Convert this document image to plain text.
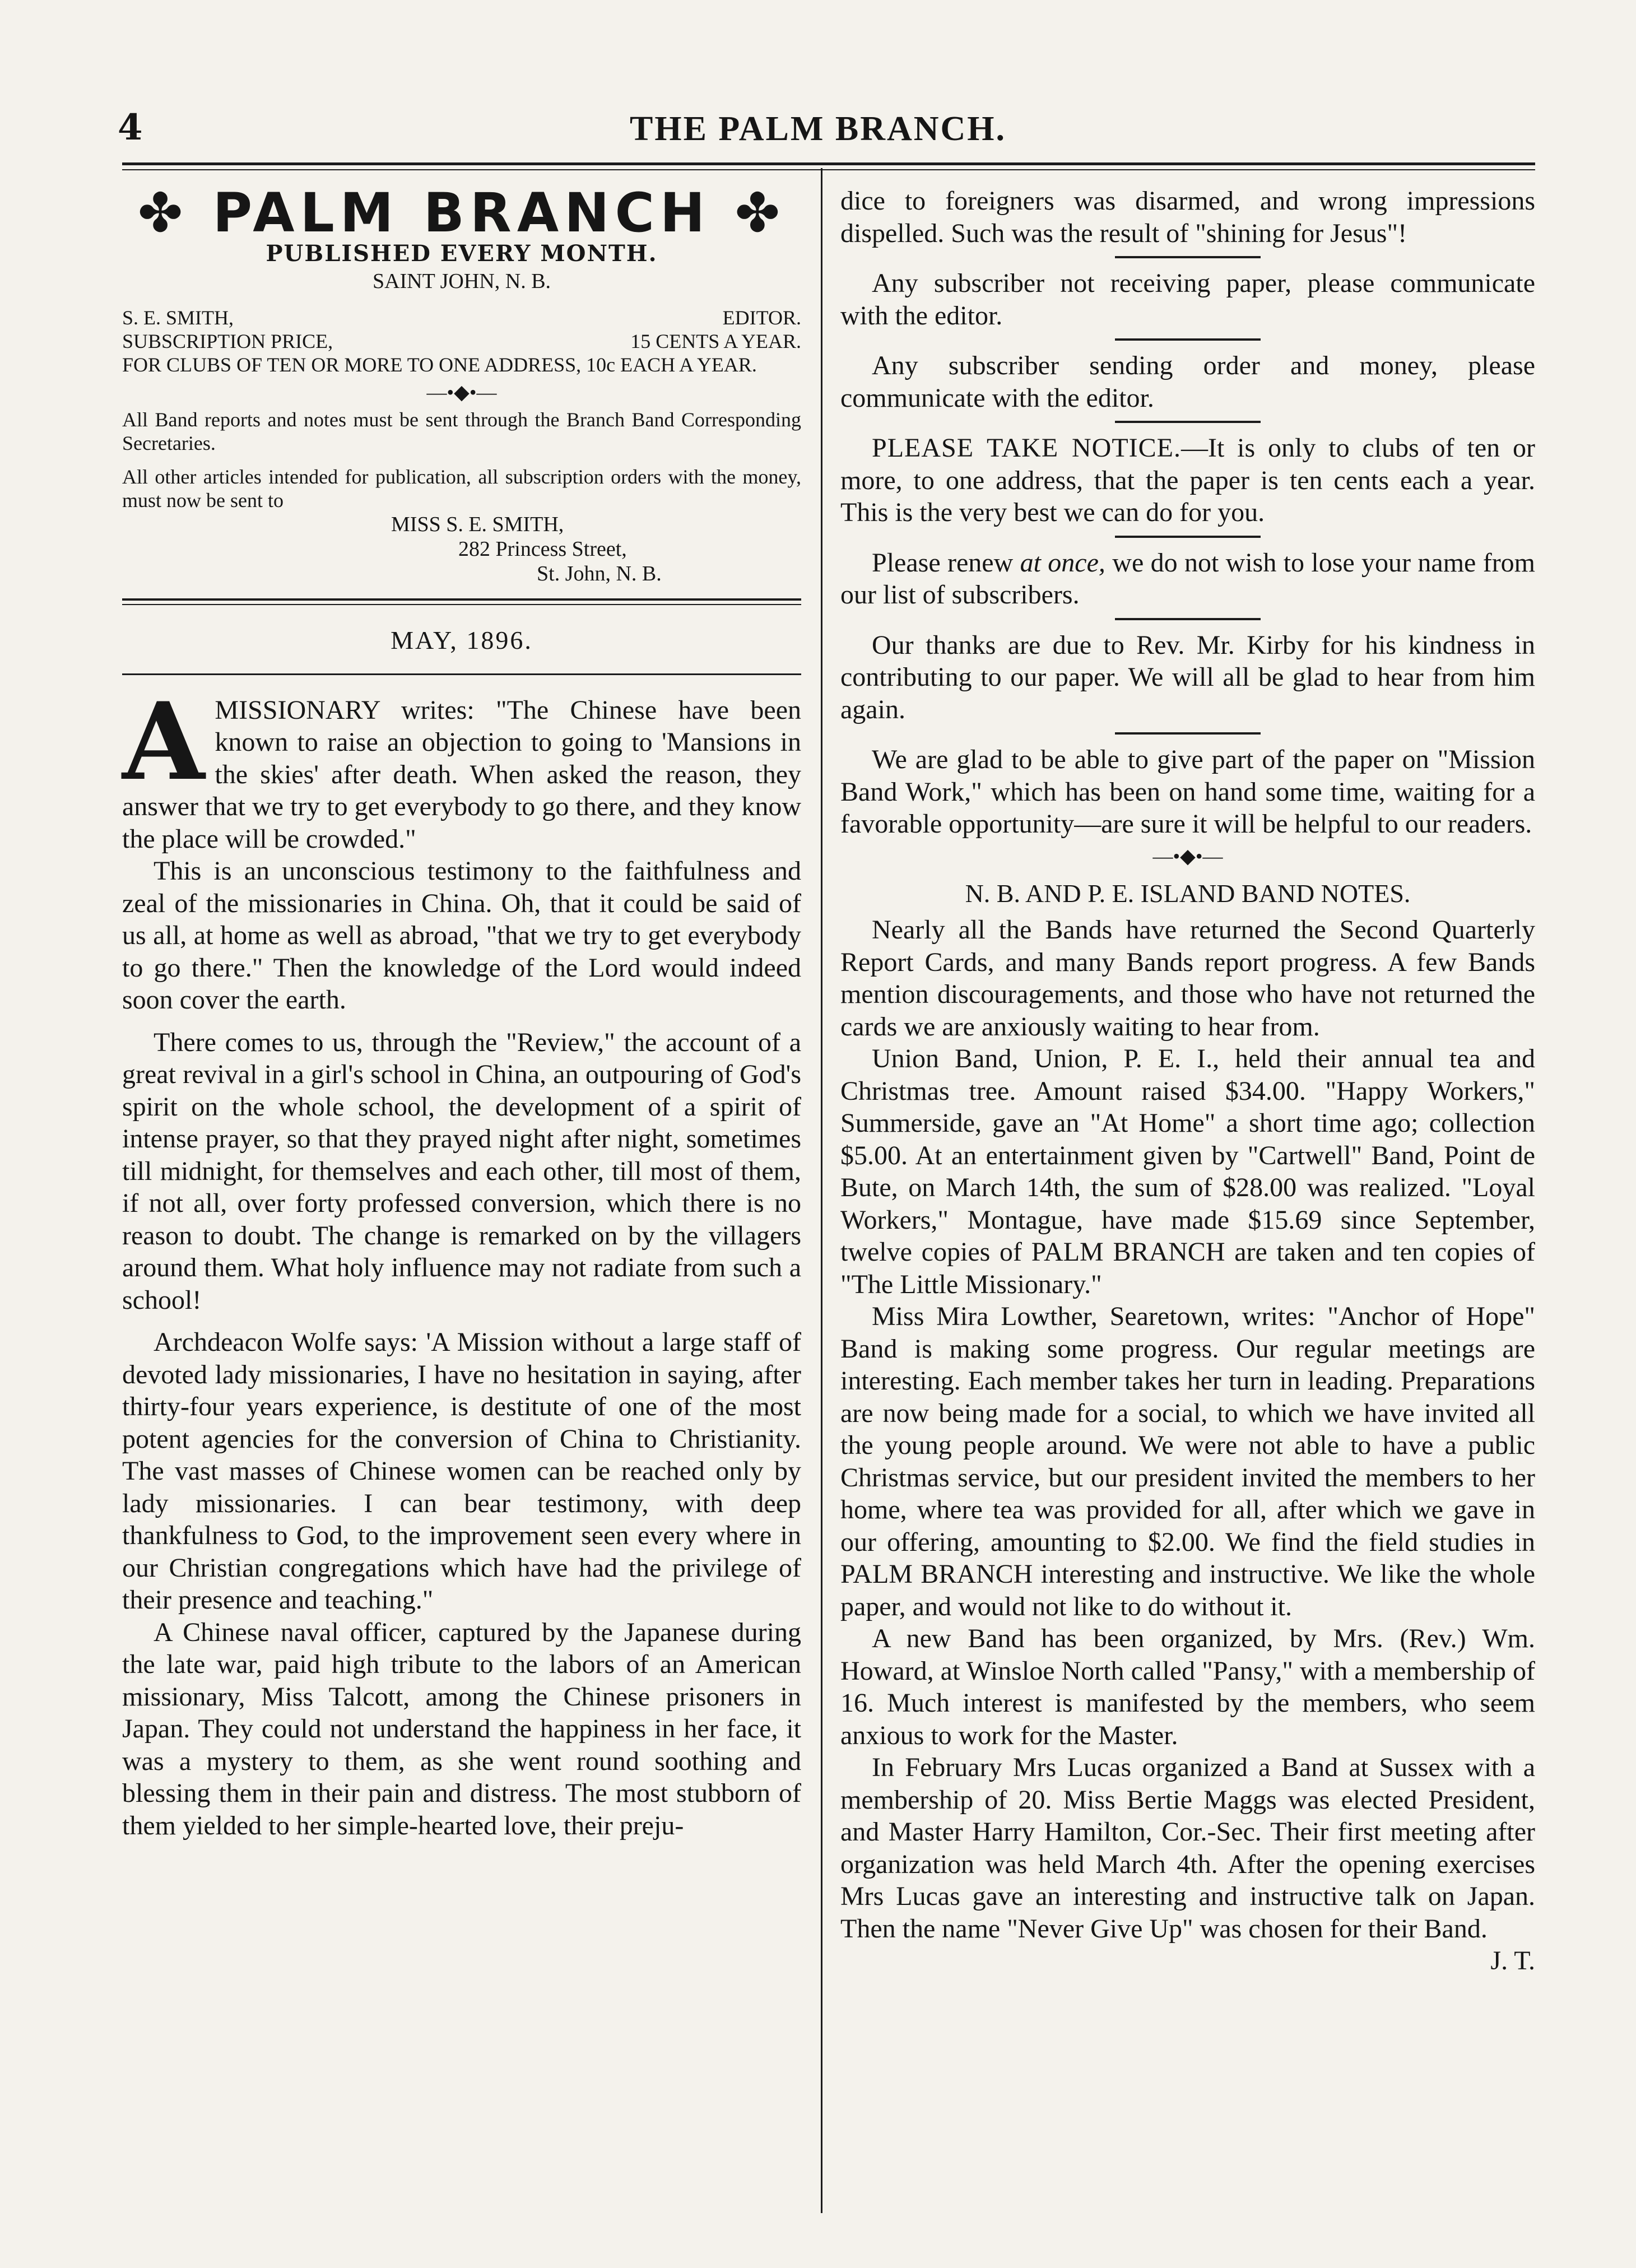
4	THE PALM BRANCH.
✤ PALM BRANCH ✤
PUBLISHED EVERY MONTH.
SAINT JOHN, N. B.
S. E. SMITH,	EDITOR.
SUBSCRIPTION PRICE,	15 CENTS A YEAR.
FOR CLUBS OF TEN OR MORE TO ONE ADDRESS, 10c EACH A YEAR.
—•◆•—

All Band reports and notes must be sent through the Branch Band Corresponding Secretaries.

All other articles intended for publication, all subscription orders with the money, must now be sent to

MISS S. E. SMITH,
282 Princess Street,
St. John, N. B.
MAY, 1896.

AMISSIONARY writes: "The Chinese have been known to raise an objection to going to 'Mansions in the skies' after death. When asked the reason, they answer that we try to get everybody to go there, and they know the place will be crowded."

This is an unconscious testimony to the faithfulness and zeal of the missionaries in China. Oh, that it could be said of us all, at home as well as abroad, "that we try to get everybody to go there." Then the knowledge of the Lord would indeed soon cover the earth.

There comes to us, through the "Review," the account of a great revival in a girl's school in China, an outpouring of God's spirit on the whole school, the development of a spirit of intense prayer, so that they prayed night after night, sometimes till midnight, for themselves and each other, till most of them, if not all, over forty professed conversion, which there is no reason to doubt. The change is remarked on by the villagers around them. What holy influence may not radiate from such a school!

Archdeacon Wolfe says: 'A Mission without a large staff of devoted lady missionaries, I have no hesitation in saying, after thirty-four years experience, is destitute of one of the most potent agencies for the conversion of China to Christianity. The vast masses of Chinese women can be reached only by lady missionaries. I can bear testimony, with deep thankfulness to God, to the improvement seen every where in our Christian congregations which have had the privilege of their presence and teaching."

A Chinese naval officer, captured by the Japanese during the late war, paid high tribute to the labors of an American missionary, Miss Talcott, among the Chinese prisoners in Japan. They could not understand the happiness in her face, it was a mystery to them, as she went round soothing and blessing them in their pain and distress. The most stubborn of them yielded to her simple-hearted love, their preju-

dice to foreigners was disarmed, and wrong impressions dispelled. Such was the result of "shining for Jesus"!

Any subscriber not receiving paper, please communicate with the editor.

Any subscriber sending order and money, please communicate with the editor.

PLEASE TAKE NOTICE.—It is only to clubs of ten or more, to one address, that the paper is ten cents each a year. This is the very best we can do for you.

Please renew at once, we do not wish to lose your name from our list of subscribers.

Our thanks are due to Rev. Mr. Kirby for his kindness in contributing to our paper. We will all be glad to hear from him again.

We are glad to be able to give part of the paper on "Mission Band Work," which has been on hand some time, waiting for a favorable opportunity—are sure it will be helpful to our readers.

—•◆•—
N. B. AND P. E. ISLAND BAND NOTES.

Nearly all the Bands have returned the Second Quarterly Report Cards, and many Bands report progress. A few Bands mention discouragements, and those who have not returned the cards we are anxiously waiting to hear from.

Union Band, Union, P. E. I., held their annual tea and Christmas tree. Amount raised $34.00. "Happy Workers," Summerside, gave an "At Home" a short time ago; collection $5.00. At an entertainment given by "Cartwell" Band, Point de Bute, on March 14th, the sum of $28.00 was realized. "Loyal Workers," Montague, have made $15.69 since September, twelve copies of PALM BRANCH are taken and ten copies of "The Little Missionary."

Miss Mira Lowther, Searetown, writes: "Anchor of Hope" Band is making some progress. Our regular meetings are interesting. Each member takes her turn in leading. Preparations are now being made for a social, to which we have invited all the young people around. We were not able to have a public Christmas service, but our president invited the members to her home, where tea was provided for all, after which we gave in our offering, amounting to $2.00. We find the field studies in PALM BRANCH interesting and instructive. We like the whole paper, and would not like to do without it.

A new Band has been organized, by Mrs. (Rev.) Wm. Howard, at Winsloe North called "Pansy," with a membership of 16. Much interest is manifested by the members, who seem anxious to work for the Master.

In February Mrs Lucas organized a Band at Sussex with a membership of 20. Miss Bertie Maggs was elected President, and Master Harry Hamilton, Cor.-Sec. Their first meeting after organization was held March 4th. After the opening exercises Mrs Lucas gave an interesting and instructive talk on Japan. Then the name "Never Give Up" was chosen for their Band.

J. T.
